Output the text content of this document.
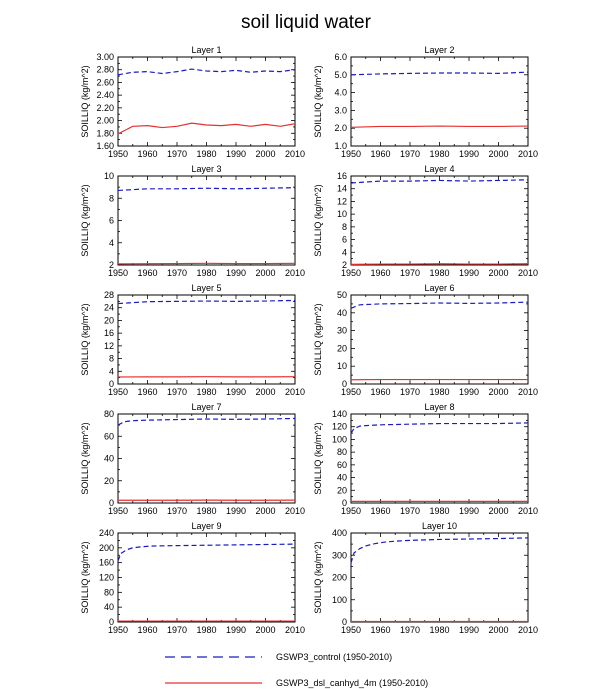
soil liquid water
Layer 1
1950 1960 1970 1980 1990 2000 2010
1.60
1.80
2.00
2.20
2.40
2.60
2.80
3.00
SOILLIQ (kg/m^2)
Layer 2
1950 1960 1970 1980 1990 2000 2010
1.0
2.0
3.0
4.0
5.0
6.0
SOILLIQ (kg/m^2)
Layer 3
1950 1960 1970 1980 1990 2000 2010
2
4
6
8
10
SOILLIQ (kg/m^2)
Layer 4
1950 1960 1970 1980 1990 2000 2010
2
4
6
8
10
12
14
16
SOILLIQ (kg/m^2)
Layer 5
1950 1960 1970 1980 1990 2000 2010
0
4
8
12
16
20
24
28
SOILLIQ (kg/m^2)
Layer 6
1950 1960 1970 1980 1990 2000 2010
0
10
20
30
40
50
SOILLIQ (kg/m^2)
Layer 7
1950 1960 1970 1980 1990 2000 2010
0
20
40
60
80
SOILLIQ (kg/m^2)
Layer 8
1950 1960 1970 1980 1990 2000 2010
0
20
40
60
80
100
120
140
SOILLIQ (kg/m^2)
Layer 9
1950 1960 1970 1980 1990 2000 2010
0
40
80
120
160
200
240
SOILLIQ (kg/m^2)
Layer 10
1950 1960 1970 1980 1990 2000 2010
0
100
200
300
400
SOILLIQ (kg/m^2)
GSWP3_control (1950-2010)
GSWP3_dsl_canhyd_4m (1950-2010)
